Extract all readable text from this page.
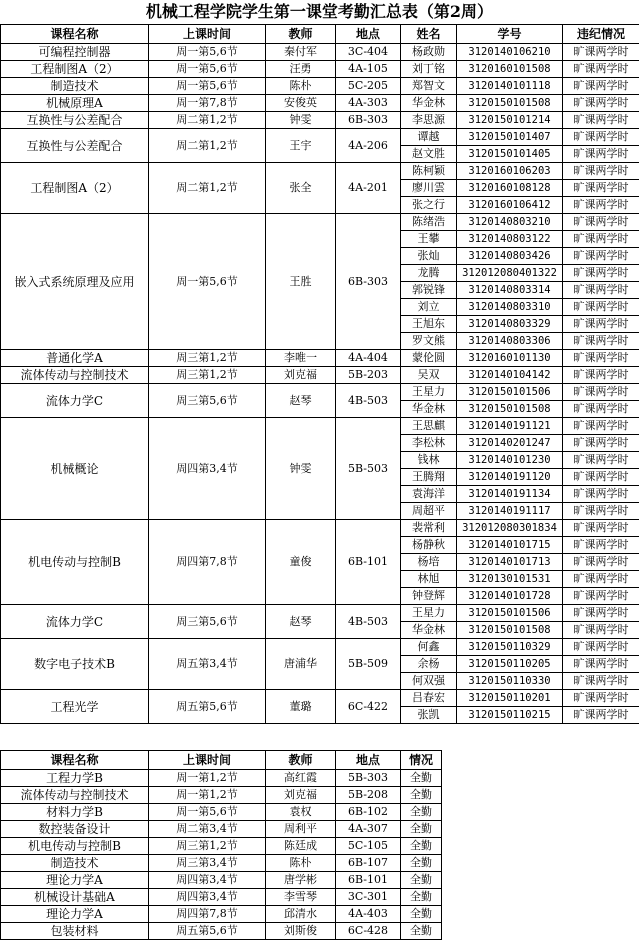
机械工程学院学生第一课堂考勤汇总表（第2周）
课程名称	上课时间	教师	地点	姓名	学号	违纪情况
可编程控制器	周一第5,6节	秦付军	3C-404	杨政勋	3120140106210	旷课两学时
工程制图A（2）	周一第5,6节	汪勇	4A-105	刘丁铭	3120160101508	旷课两学时
制造技术	周一第5,6节	陈朴	5C-205	郑智文	3120140101118	旷课两学时
机械原理A	周一第7,8节	安俊英	4A-303	华金林	3120150101508	旷课两学时
互换性与公差配合	周二第1,2节	钟雯	6B-303	李思源	3120150101214	旷课两学时
互换性与公差配合	周二第1,2节	王宇	4A-206	谭越	3120150101407	旷课两学时
				赵文胜	3120150101405	旷课两学时
工程制图A（2）	周二第1,2节	张全	4A-201	陈柯颖	3120160106203	旷课两学时
				廖川雲	3120160108128	旷课两学时
				张之行	3120160106412	旷课两学时
嵌入式系统原理及应用	周一第5,6节	王胜	6B-303	陈绪浩	3120140803210	旷课两学时
				王攀	3120140803122	旷课两学时
				张灿	3120140803426	旷课两学时
				龙腾	312012080401322	旷课两学时
				郭锐锋	3120140803314	旷课两学时
				刘立	3120140803310	旷课两学时
				王旭东	3120140803329	旷课两学时
				罗文熊	3120140803306	旷课两学时
普通化学A	周三第1,2节	李唯一	4A-404	蒙伦圆	3120160101130	旷课两学时
流体传动与控制技术	周三第1,2节	刘克福	5B-203	吴双	3120140104142	旷课两学时
流体力学C	周三第5,6节	赵琴	4B-503	王星力	3120150101506	旷课两学时
				华金林	3120150101508	旷课两学时
机械概论	周四第3,4节	钟雯	5B-503	王思麒	3120140191121	旷课两学时
				李松林	3120140201247	旷课两学时
				钱林	3120140101230	旷课两学时
				王腾翔	3120140191120	旷课两学时
				袁海洋	3120140191134	旷课两学时
				周超平	3120140191117	旷课两学时
机电传动与控制B	周四第7,8节	童俊	6B-101	裴常利	312012080301834	旷课两学时
				杨静秋	3120140101715	旷课两学时
				杨培	3120140101713	旷课两学时
				林旭	3120130101531	旷课两学时
				钟登辉	3120140101728	旷课两学时
流体力学C	周三第5,6节	赵琴	4B-503	王星力	3120150101506	旷课两学时
				华金林	3120150101508	旷课两学时
数字电子技术B	周五第3,4节	唐浦华	5B-509	何鑫	3120150110329	旷课两学时
				余杨	3120150110205	旷课两学时
				何双强	3120150110330	旷课两学时
工程光学	周五第5,6节	董璐	6C-422	吕春宏	3120150110201	旷课两学时
				张凯	3120150110215	旷课两学时
课程名称	上课时间	教师	地点	情况
工程力学B	周一第1,2节	高红霞	5B-303	全勤
流体传动与控制技术	周一第1,2节	刘克福	5B-208	全勤
材料力学B	周一第5,6节	袁权	6B-102	全勤
数控装备设计	周二第3,4节	周利平	4A-307	全勤
机电传动与控制B	周三第1,2节	陈廷成	5C-105	全勤
制造技术	周三第3,4节	陈朴	6B-107	全勤
理论力学A	周四第3,4节	唐学彬	6B-101	全勤
机械设计基础A	周四第3,4节	李雪琴	3C-301	全勤
理论力学A	周四第7,8节	邱清水	4A-403	全勤
包装材料	周五第5,6节	刘斯俊	6C-428	全勤
